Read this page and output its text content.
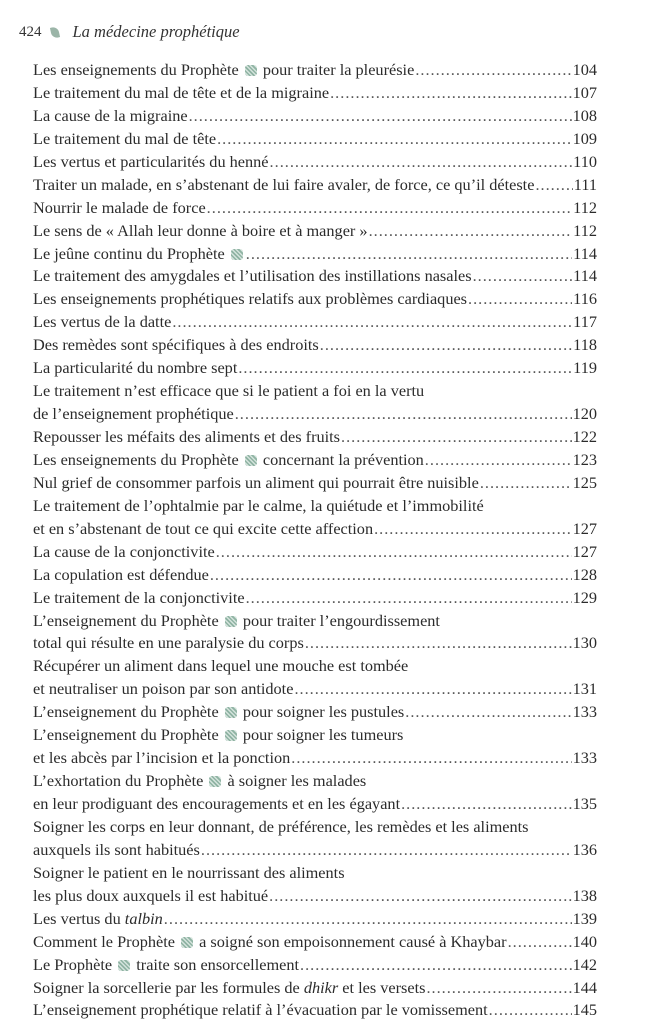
424 La médecine prophétique
Les enseignements du Prophète  pour traiter la pleurésie .....	104
Le traitement du mal de tête et de la migraine .....	107
La cause de la migraine .....	108
Le traitement du mal de tête .....	109
Les vertus et particularités du henné .....	110
Traiter un malade, en s’abstenant de lui faire avaler, de force, ce qu’il déteste ..... 111
Nourrir le malade de force .....	112
Le sens de « Allah leur donne à boire et à manger » .....	112
Le jeûne continu du Prophète .....	114
Le traitement des amygdales et l’utilisation des instillations nasales .....	114
Les enseignements prophétiques relatifs aux problèmes cardiaques .....	116
Les vertus de la datte .....	117
Des remèdes sont spécifiques à des endroits .....	118
La particularité du nombre sept .....	119
Le traitement n’est efficace que si le patient a foi en la vertu
de l’enseignement prophétique .....	120
Repousser les méfaits des aliments et des fruits .....	122
Les enseignements du Prophète  concernant la prévention .....	123
Nul grief de consommer parfois un aliment qui pourrait être nuisible .....	125
Le traitement de l’ophtalmie par le calme, la quiétude et l’immobilité
et en s’abstenant de tout ce qui excite cette affection .....	127
La cause de la conjonctivite .....	127
La copulation est défendue .....	128
Le traitement de la conjonctivite .....	129
L’enseignement du Prophète  pour traiter l’engourdissement
total qui résulte en une paralysie du corps .....	130
Récupérer un aliment dans lequel une mouche est tombée
et neutraliser un poison par son antidote .....	131
L’enseignement du Prophète  pour soigner les pustules .....	133
L’enseignement du Prophète  pour soigner les tumeurs
et les abcès par l’incision et la ponction .....	133
L’exhortation du Prophète  à soigner les malades
en leur prodiguant des encouragements et en les égayant .....	135
Soigner les corps en leur donnant, de préférence, les remèdes et les aliments
auxquels ils sont habitués .....	136
Soigner le patient en le nourrissant des aliments
les plus doux auxquels il est habitué .....	138
Les vertus du talbin .....	139
Comment le Prophète  a soigné son empoisonnement causé à Khaybar .....	140
Le Prophète  traite son ensorcellement .....	142
Soigner la sorcellerie par les formules de dhikr et les versets .....	144
L’enseignement prophétique relatif à l’évacuation par le vomissement .....	145
